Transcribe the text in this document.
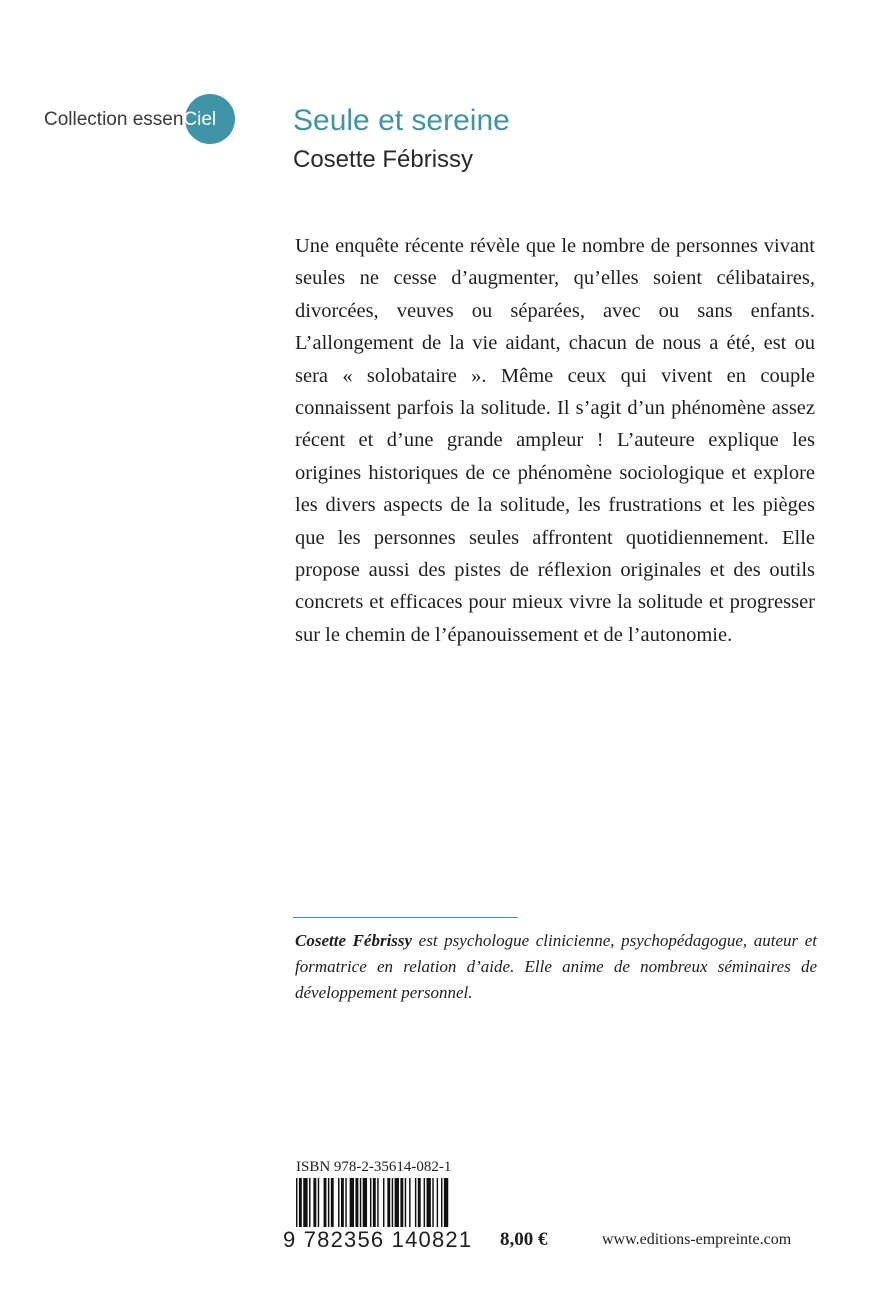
Collection essen Ciel	Seule et sereine
Cosette Fébrissy

Une enquête récente révèle que le nombre de personnes vivant seules ne cesse d’augmenter, qu’elles soient célibataires, divorcées, veuves ou séparées, avec ou sans enfants. L’allongement de la vie aidant, chacun de nous a été, est ou sera « solobataire ». Même ceux qui vivent en couple connaissent parfois la solitude. Il s’agit d’un phénomène assez récent et d’une grande ampleur ! L’auteure explique les origines historiques de ce phénomène sociologique et explore les divers aspects de la solitude, les frustrations et les pièges que les personnes seules affrontent quotidiennement. Elle propose aussi des pistes de réflexion originales et des outils concrets et efficaces pour mieux vivre la solitude et progresser sur le chemin de l’épanouissement et de l’autonomie.

Cosette Fébrissy est psychologue clinicienne, psychopédagogue, auteur et formatrice en relation d’aide. Elle anime de nombreux séminaires de développement personnel.

ISBN 978-2-35614-082-1
9 782356 140821	8,00 €	www.editions-empreinte.com
